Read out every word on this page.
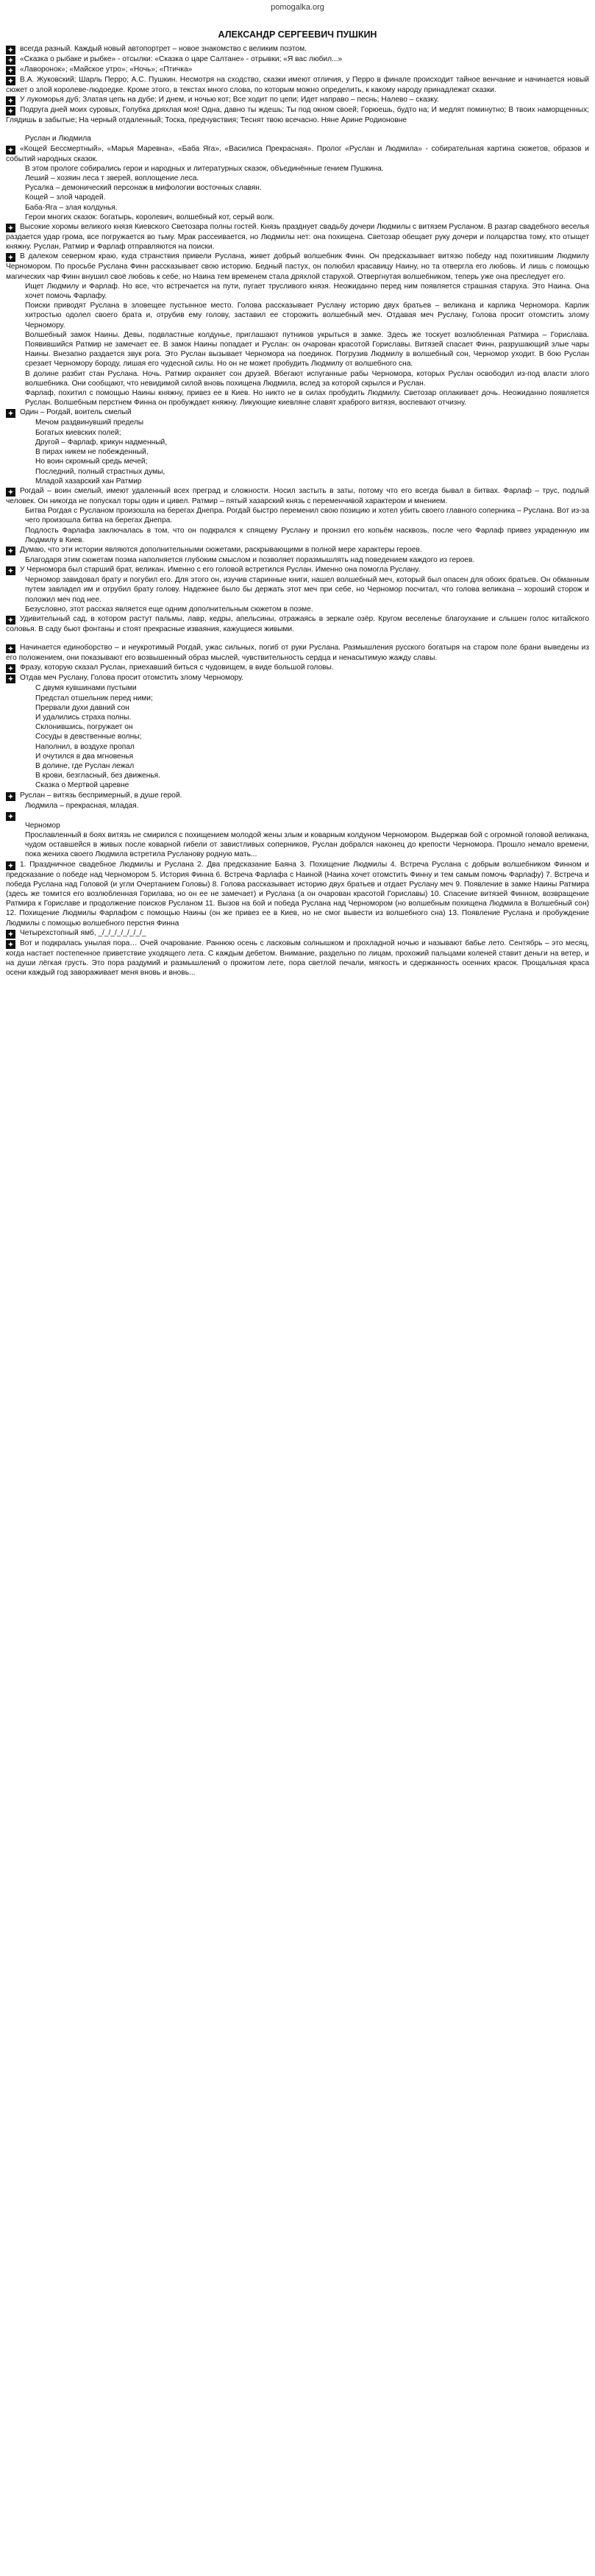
pomogalka.org
АЛЕКСАНДР СЕРГЕЕВИЧ ПУШКИН
✦ всегда разный. Каждый новый автопортрет – новое знакомство с великим поэтом.
✦ «Сказка о рыбаке и рыбке» - отсылки: «Сказка о царе Салтане» - отрывки; «Я вас любил...»
✦ «Лаворонок»; «Майское утро»; «Ночь»; «Птичка»
✦ В.А. Жуковский; Шарль Перро; А.С. Пушкин. Несмотря на сходство, сказки имеют отличия, у Перро в финале происходит тайное венчание и начинается новый сюжет о злой королеве-людоедке. Кроме этого, в текстах много слова, по которым можно определить, к какому народу принадлежат сказки.
✦ У лукоморья дуб; Златая цепь на дубе; И днем, и ночью кот; Все ходит по цепи; Идет направо – песнь; Налево – сказку.
✦ Подруга дней моих суровых, Голубка дряхлая моя! Одна, давно ты ждешь; Ты под окном своей; Горюешь, будто на; И медлят поминутно; В твоих наморщенных; Глядишь в забытые; На черный отдаленный; Тоска, предчувствия; Теснят твою всечасно. Няне Арине Родионовне
Руслан и Людмила
✦ «Кощей Бессмертный», «Марья Маревна», «Баба Яга», «Василиса Прекрасная». Пролог «Руслан и Людмила» - собирательная картина сюжетов, образов и событий народных сказок.
В этом прологе собирались герои и народных и литературных сказок, объединённые гением Пушкина.
Леший – хозяин леса т зверей, воплощение леса.
Русалка – демонический персонаж в мифологии восточных славян.
Кощей – злой чародей.
Баба-Яга – злая колдунья.
Герои многих сказок: богатырь, королевич, волшебный кот, серый волк.
✦ Высокие хоромы великого князя Киевского Светозара полны гостей. Князь празднует свадьбу дочери Людмилы с витязем Русланом. В разгар свадебного веселья раздается удар грома, все погружается во тьму. Мрак рассеивается, но Людмилы нет: она похищена. Светозар обещает руку дочери и полцарства тому, кто отыщет княжну. Руслан, Ратмир и Фарлаф отправляются на поиски.
✦ В далеком северном краю, куда странствия привели Руслана, живет добрый волшебник Финн. Он предсказывает витязю победу над похитившим Людмилу Черномором. По просьбе Руслана Финн рассказывает свою историю. Бедный пастух, он полюбил красавицу Наину, но та отвергла его любовь. И лишь с помощью магических чар Финн внушил своё любовь к себе, но Наина тем временем стала дряхлой старухой. Отвергнутая волшебником, теперь уже она преследует его.
Ищет Людмилу и Фарлаф. Но все, что встречается на пути, пугает трусливого князя. Неожиданно перед ним появляется страшная старуха. Это Наина. Она хочет помочь Фарлафу.
Поиски приводят Руслана в зловещее пустынное место. Голова рассказывает Руслану историю двух братьев – великана и карлика Черномора. Карлик хитростью одолел своего брата и, отрубив ему голову, заставил ее сторожить волшебный меч. Отдавая меч Руслану, Голова просит отомстить злому Черномору.
Волшебный замок Наины. Девы, подвластные колдунье, приглашают путников укрыться в замке. Здесь же тоскует возлюбленная Ратмира – Горислава. Появившийся Ратмир не замечает ее. В замок Наины попадает и Руслан: он очарован красотой Гориславы. Витязей спасает Финн, разрушающий злые чары Наины. Внезапно раздается звук рога. Это Руслан вызывает Черномора на поединок. Погрузив Людмилу в волшебный сон, Черномор уходит. В бою Руслан срезает Черномору бороду, лишая его чудесной силы. Но он не может пробудить Людмилу от волшебного сна.
В долине разбит стан Руслана. Ночь. Ратмир охраняет сон друзей. Вбегают испуганные рабы Черномора, которых Руслан освободил из-под власти злого волшебника. Они сообщают, что невидимой силой вновь похищена Людмила, вслед за которой скрылся и Руслан.
Фарлаф, похитил с помощью Наины княжну, привез ее в Киев. Но никто не в силах пробудить Людмилу. Светозар оплакивает дочь. Неожиданно появляется Руслан. Волшебным перстнем Финна он пробуждает княжну. Ликующие киевляне славят храброго витязя, воспевают отчизну.
✦ Один – Рогдай, воитель смелый
Мечом раздвинувший пределы
Богатых киевских полей;
Другой – Фарлаф, крикун надменный,
В пирах никем не побежденный,
Но воин скромный средь мечей;
Последний, полный страстных думы,
Младой хазарский хан Ратмир
✦ Рогдай – воин смелый, имеют удаленный всех преград и сложности. Носил застыть в заты, потому что его всегда бывал в битвах. Фарлаф – трус, подлый человек. Он никогда не попускал торы один и цивел. Ратмир – пятый хазарский князь с переменчивой характером и мнением.
Битва Рогдая с Русланом произошла на берегах Днепра. Рогдай быстро переменил свою позицию и хотел убить своего главного соперника – Руслана. Вот из-за чего произошла битва на берегах Днепра.
Подлость Фарлафа заключалась в том, что он подкрался к спящему Руслану и пронзил его копьём насквозь, после чего Фарлаф привез украденную им Людмилу в Киев.
✦ Думаю, что эти истории являются дополнительными сюжетами, раскрывающими в полной мере характеры героев.
Благодаря этим сюжетам поэма наполняется глубоким смыслом и позволяет поразмышлять над поведением каждого из героев.
✦ У Черномора был старший брат, великан. Именно с его головой встретился Руслан. Именно она помогла Руслану.
Черномор завидовал брату и погубил его. Для этого он, изучив старинные книги, нашел волшебный меч, который был опасен для обоих братьев. Он обманным путем завладел им и отрубил брату голову. Надежнее было бы держать этот меч при себе, но Черномор посчитал, что голова великана – хороший сторож и положил меч под нее.
Безусловно, этот рассказ является еще одним дополнительным сюжетом в поэме.
✦ Удивительный сад, в котором растут пальмы, лавр, кедры, апельсины, отражаясь в зеркале озёр. Кругом веселенье благоухание и слышен голос китайского соловья. В саду бьют фонтаны и стоят прекрасные изваяния, кажущиеся живыми.
✦ Начинается единоборство – и неукротимый Рогдай, ужас сильных, погиб от руки Руслана. Размышления русского богатыря на старом поле брани выведены из его положением, они показывают его возвышенный образ мыслей, чувствительность сердца и ненасытимую жажду славы.
✦ Фразу, которую сказал Руслан, приехавший биться с чудовищем, в виде большой головы.
✦ Отдав меч Руслану, Голова просит отомстить злому Черномору.
С двумя кувшинами пустыми
Предстал отшельник перед ними;
Прервали духи давний сон
И удалились страха полны.
Склонившись, погружает он
Сосуды в девственные волны;
Наполнил, в воздухе пропал
И очутился в два мгновенья
В долине, где Руслан лежал
В крови, безгласный, без движенья.
Сказка о Мертвой царевне
✦ Руслан – витязь беспримерный, в душе герой.
Людмила – прекрасная, младая.
✦
Черномор
Прославленный в боях витязь не смирился с похищением молодой жены злым и коварным колдуном Черномором. Выдержав бой с огромной головой великана, чудом оставшейся в живых после коварной гибели от завистливых соперников, Руслан добрался наконец до крепости Черномора. Прошло немало времени, пока жениха своего Людмила встретила Русланову родную мать...
✦ 1. Праздничное свадебное Людмилы и Руслана 2. Два предсказание Баяна 3. Похищение Людмилы 4. Встреча Руслана с добрым волшебником Финном и предсказание о победе над Черномором 5. История Финна 6. Встреча Фарлафа с Наиной (Наина хочет отомстить Финну и тем самым помочь Фарлафу) 7. Встреча и победа Руслана над Головой (и угли Очертанием Головы) 8. Голова рассказывает историю двух братьев и отдает Руслану меч 9. Появление в замке Наины Ратмира (здесь же томится его возлюбленная Горилава, но он ее не замечает) и Руслана (а он очарован красотой Гориславы) 10. Спасение витязей Финном, возвращение Ратмира к Гориславе и продолжение поисков Русланом 11. Вызов на бой и победа Руслана над Черномором (но волшебным похищена Людмила в Волшебный сон) 12. Похищение Людмилы Фарлафом с помощью Наины (он же привез ее в Киев, но не смог вывести из волшебного сна) 13. Появление Руслана и пробуждение Людмилы с помощью волшебного перстня Финна
✦ Четырехстопный ямб, _/_/_/_/_/_/_/_
✦ Вот и подкралась унылая пора… Очей очарование. Раннюю осень с ласковым солнышком и прохладной ночью и называют бабье лето. Сентябрь – это месяц, когда настает постепенное приветствие уходящего лета. С каждым дебетом. Внимание, раздельно по лицам, прохожий пальцами коленей ставит деньги на ветер, и на души лёгкая грусть. Это пора раздумий и размышлений о прожитом лете, пора светлой печали, мягкость и сдержанность осенних красок. Прощальная краса осени каждый год завораживает меня вновь и вновь...
